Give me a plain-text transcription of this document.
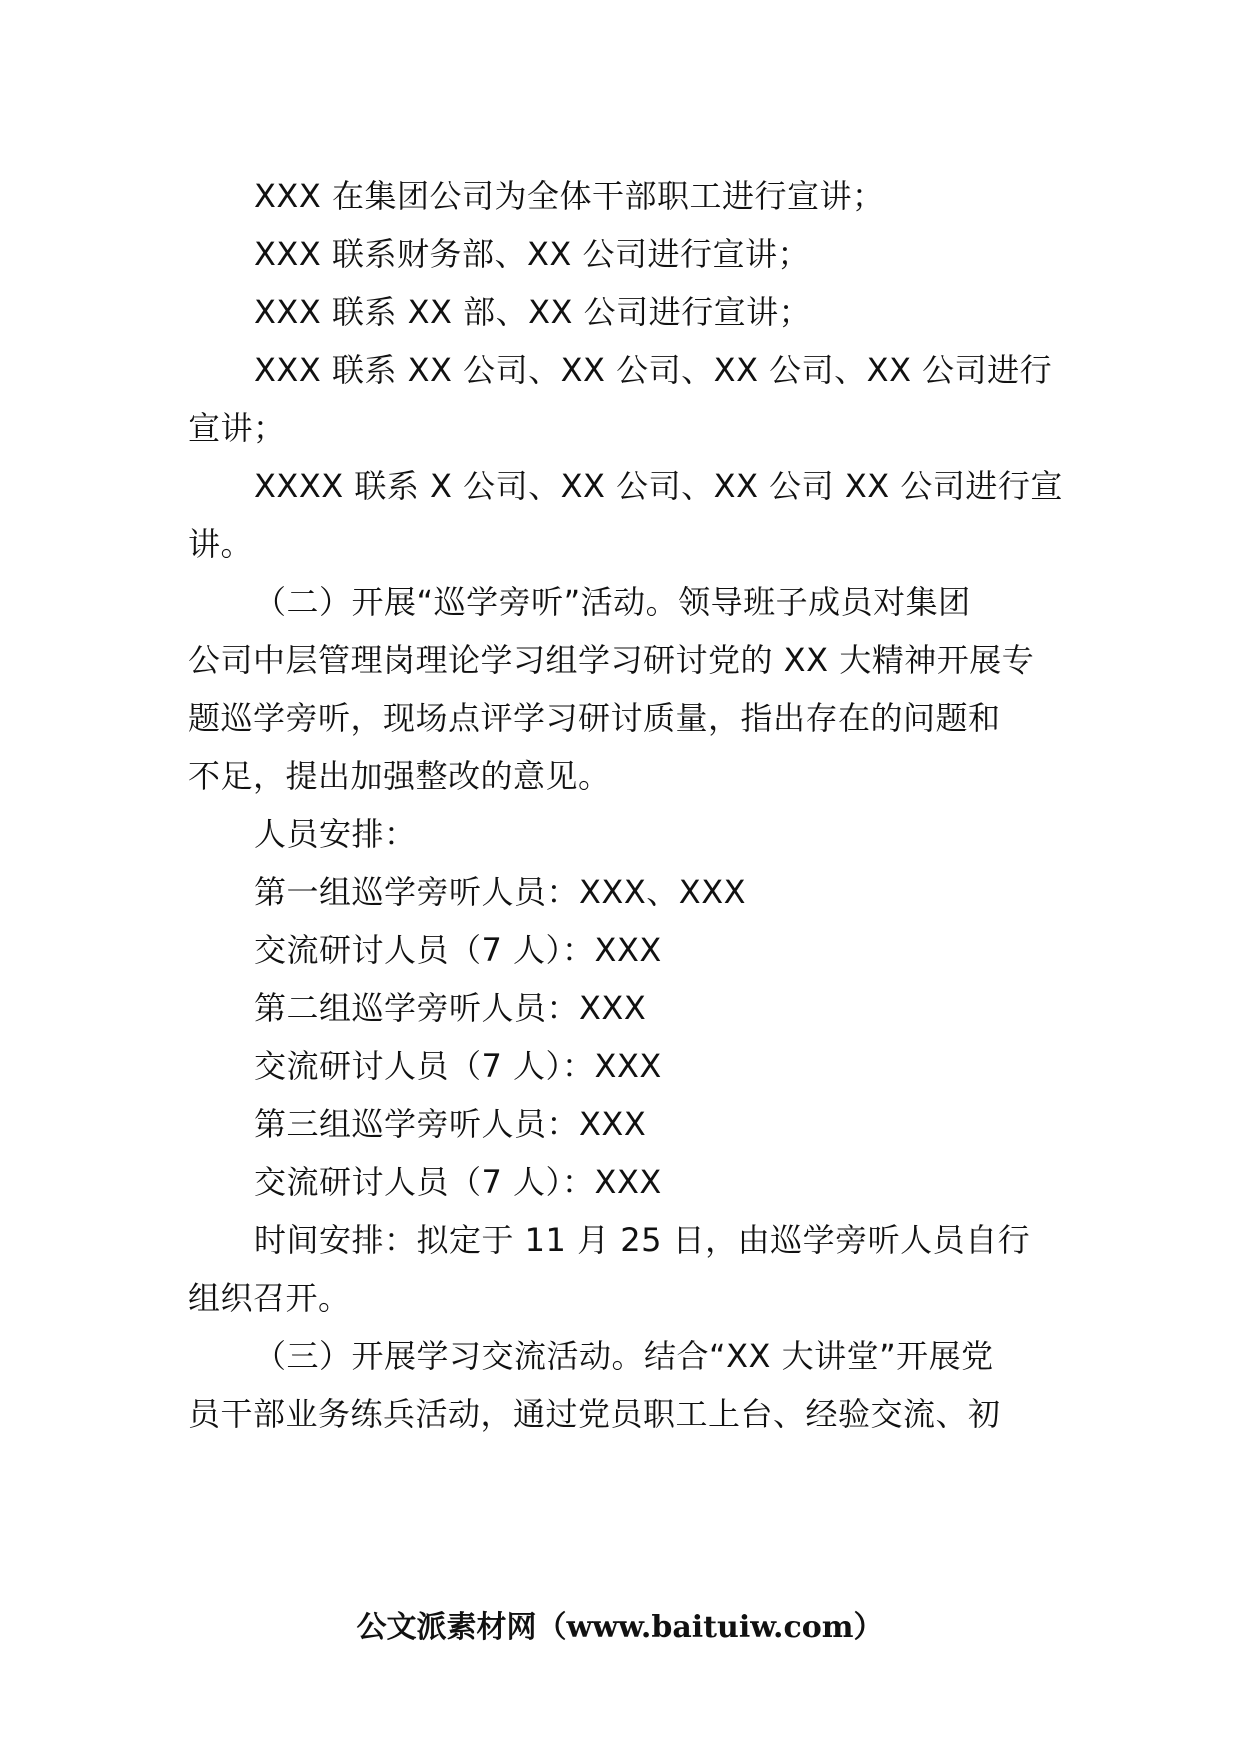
XXX 在集团公司为全体干部职工进行宣讲；
XXX 联系财务部、XX 公司进行宣讲；
XXX 联系 XX 部、XX 公司进行宣讲；
XXX 联系 XX 公司、XX 公司、XX 公司、XX 公司进行
宣讲；
XXXX 联系 X 公司、XX 公司、XX 公司 XX 公司进行宣
讲。
（二）开展“巡学旁听”活动。领导班子成员对集团
公司中层管理岗理论学习组学习研讨党的 XX 大精神开展专
题巡学旁听，现场点评学习研讨质量，指出存在的问题和
不足，提出加强整改的意见。
人员安排：
第一组巡学旁听人员：XXX、XXX
交流研讨人员（7 人）：XXX
第二组巡学旁听人员：XXX
交流研讨人员（7 人）：XXX
第三组巡学旁听人员：XXX
交流研讨人员（7 人）：XXX
时间安排：拟定于 11 月 25 日，由巡学旁听人员自行
组织召开。
（三）开展学习交流活动。结合“XX 大讲堂”开展党
员干部业务练兵活动，通过党员职工上台、经验交流、初
公文派素材网（www.baituiw.com）
